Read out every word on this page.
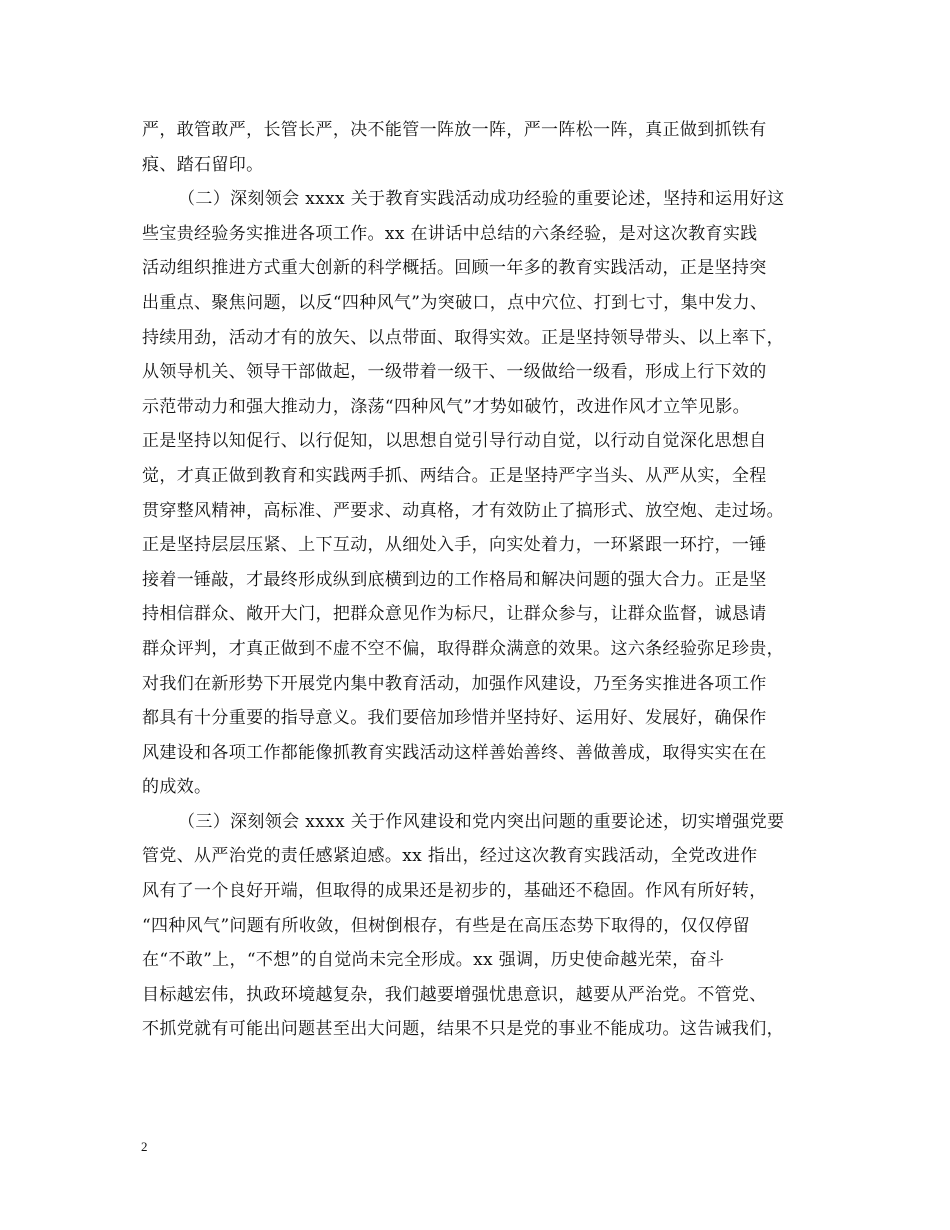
严，敢管敢严，长管长严，决不能管一阵放一阵，严一阵松一阵，真正做到抓铁有
痕、踏石留印。
（二）深刻领会 xxxx 关于教育实践活动成功经验的重要论述，坚持和运用好这
些宝贵经验务实推进各项工作。xx 在讲话中总结的六条经验，是对这次教育实践
活动组织推进方式重大创新的科学概括。回顾一年多的教育实践活动，正是坚持突
出重点、聚焦问题，以反“四种风气”为突破口，点中穴位、打到七寸，集中发力、
持续用劲，活动才有的放矢、以点带面、取得实效。正是坚持领导带头、以上率下，
从领导机关、领导干部做起，一级带着一级干、一级做给一级看，形成上行下效的
示范带动力和强大推动力，涤荡“四种风气”才势如破竹，改进作风才立竿见影。
正是坚持以知促行、以行促知，以思想自觉引导行动自觉，以行动自觉深化思想自
觉，才真正做到教育和实践两手抓、两结合。正是坚持严字当头、从严从实，全程
贯穿整风精神，高标准、严要求、动真格，才有效防止了搞形式、放空炮、走过场。
正是坚持层层压紧、上下互动，从细处入手，向实处着力，一环紧跟一环拧，一锤
接着一锤敲，才最终形成纵到底横到边的工作格局和解决问题的强大合力。正是坚
持相信群众、敞开大门，把群众意见作为标尺，让群众参与，让群众监督，诚恳请
群众评判，才真正做到不虚不空不偏，取得群众满意的效果。这六条经验弥足珍贵，
对我们在新形势下开展党内集中教育活动，加强作风建设，乃至务实推进各项工作
都具有十分重要的指导意义。我们要倍加珍惜并坚持好、运用好、发展好，确保作
风建设和各项工作都能像抓教育实践活动这样善始善终、善做善成，取得实实在在
的成效。
（三）深刻领会 xxxx 关于作风建设和党内突出问题的重要论述，切实增强党要
管党、从严治党的责任感紧迫感。xx 指出，经过这次教育实践活动，全党改进作
风有了一个良好开端，但取得的成果还是初步的，基础还不稳固。作风有所好转，
“四种风气”问题有所收敛，但树倒根存，有些是在高压态势下取得的，仅仅停留
在“不敢”上，“不想”的自觉尚未完全形成。xx 强调，历史使命越光荣，奋斗
目标越宏伟，执政环境越复杂，我们越要增强忧患意识，越要从严治党。不管党、
不抓党就有可能出问题甚至出大问题，结果不只是党的事业不能成功。这告诫我们，
2
